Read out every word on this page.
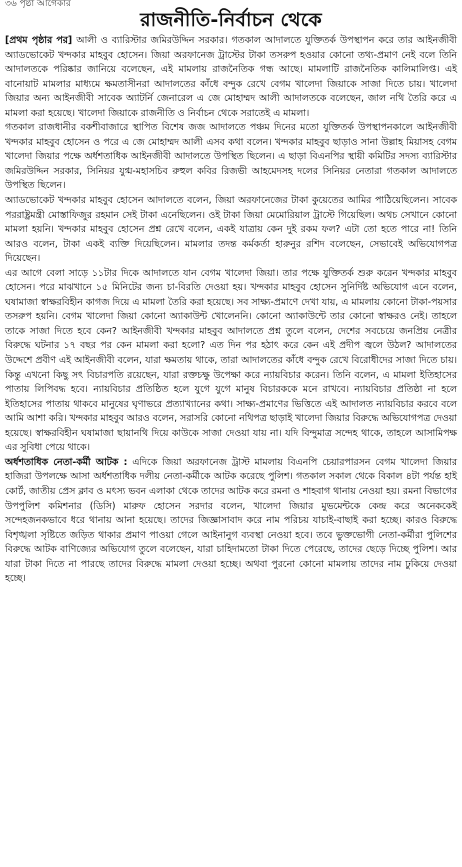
৩৬ পৃষ্ঠা আগেকার
রাজনীতি-নির্বাচন থেকে

[প্রথম পৃষ্ঠার পর] আলী ও ব্যারিস্টার জমিরউদ্দিন সরকার। গতকাল আদালতে যুক্তিতর্ক উপস্থাপন করে তার আইনজীবী অ্যাডভোকেট খন্দকার মাহবুব হোসেন। জিয়া অরফানেজ ট্রাস্টের টাকা তসরুপ হওয়ার কোনো তথ্য-প্রমাণ নেই বলে তিনি আদালতকে পরিষ্কার জানিয়ে বলেছেন, এই মামলায় রাজনৈতিক গন্ধ আছে। মামলাটি রাজনৈতিক কালিমালিপ্ত। এই বানোয়াট মামলার মাধ্যমে ক্ষমতাসীনরা আদালতের কাঁধে বন্দুক রেখে বেগম খালেদা জিয়াকে সাজা দিতে চায়। খালেদা জিয়ার অন্য আইনজীবী সাবেক অ্যাটর্নি জেনারেল এ জে মোহাম্মদ আলী আদালতকে বলেছেন, জাল নথি তৈরি করে এ মামলা করা হয়েছে। খালেদা জিয়াকে রাজনীতি ও নির্বাচন থেকে সরাতেই এ মামলা।

গতকাল রাজধানীর বকশীবাজারে স্থাপিত বিশেষ জজ আদালতে পঞ্চম দিনের মতো যুক্তিতর্ক উপস্থাপনকালে আইনজীবী খন্দকার মাহবুব হোসেন ও পরে এ জে মোহাম্মদ আলী এসব কথা বলেন। খন্দকার মাহবুব ছাড়াও সানা উল্লাহ মিয়াসহ বেগম খালেদা জিয়ার পক্ষে অর্ধশতাধিক আইনজীবী আদালতে উপস্থিত ছিলেন। এ ছাড়া বিএনপির স্থায়ী কমিটির সদস্য ব্যারিস্টার জমিরউদ্দিন সরকার, সিনিয়র যুগ্ম-মহাসচিব রুহুল কবির রিজভী আহমেদসহ দলের সিনিয়র নেতারা গতকাল আদালতে উপস্থিত ছিলেন।

অ্যাডভোকেট খন্দকার মাহবুব হোসেন আদালতে বলেন, জিয়া অরফানেজের টাকা কুয়েতের আমির পাঠিয়েছিলেন। সাবেক পররাষ্ট্রমন্ত্রী মোস্তাফিজুর রহমান সেই টাকা এনেছিলেন। ওই টাকা জিয়া মেমোরিয়াল ট্রাস্টে গিয়েছিল। অথচ সেখানে কোনো মামলা হয়নি। খন্দকার মাহবুব হোসেন প্রশ্ন রেখে বলেন, একই যাত্রায় কেন দুই রকম ফল? এটা তো হতে পারে না! তিনি আরও বলেন, টাকা একই ব্যক্তি দিয়েছিলেন। মামলার তদন্ত কর্মকর্তা হারুনুর রশিদ বলেছেন, সেভাবেই অভিযোগপত্র দিয়েছেন।

এর আগে বেলা সাড়ে ১১টার দিকে আদালতে যান বেগম খালেদা জিয়া। তার পক্ষে যুক্তিতর্ক শুরু করেন খন্দকার মাহবুব হোসেন। পরে মাঝখানে ১৫ মিনিটের জন্য চা-বিরতি দেওয়া হয়। খন্দকার মাহবুব হোসেন সুনির্দিষ্ট অভিযোগ এনে বলেন, ঘষামাজা স্বাক্ষরবিহীন কাগজ দিয়ে এ মামলা তৈরি করা হয়েছে। সব সাক্ষ্য-প্রমাণে দেখা যায়, এ মামলায় কোনো টাকা-পয়সার তসরুপ হয়নি। বেগম খালেদা জিয়া কোনো অ্যাকাউন্ট খোলেননি। কোনো অ্যাকাউন্টে তার কোনো স্বাক্ষরও নেই। তাহলে তাকে সাজা দিতে হবে কেন? আইনজীবী খন্দকার মাহবুব আদালতে প্রশ্ন তুলে বলেন, দেশের সবচেয়ে জনপ্রিয় নেত্রীর বিরুদ্ধে ঘটনার ১৭ বছর পর কেন মামলা করা হলো? এত দিন পর হঠাৎ করে কেন এই প্রদীপ জ্বলে উঠল? আদালতের উদ্দেশে প্রবীণ এই আইনজীবী বলেন, যারা ক্ষমতায় থাকে, তারা আদালতের কাঁধে বন্দুক রেখে বিরোধীদের সাজা দিতে চায়। কিন্তু এখনো কিছু সৎ বিচারপতি রয়েছেন, যারা রক্তচক্ষু উপেক্ষা করে ন্যায়বিচার করেন। তিনি বলেন, এ মামলা ইতিহাসের পাতায় লিপিবদ্ধ হবে। ন্যায়বিচার প্রতিষ্ঠিত হলে যুগে যুগে মানুষ বিচারককে মনে রাখবে। ন্যায়বিচার প্রতিষ্ঠা না হলে ইতিহাসের পাতায় থাকবে মানুষের ঘৃণাভরে প্রত্যাখ্যানের কথা। সাক্ষ্য-প্রমাণের ভিত্তিতে এই আদালত ন্যায়বিচার করবে বলে আমি আশা করি। খন্দকার মাহবুব আরও বলেন, সরাসরি কোনো নথিপত্র ছাড়াই খালেদা জিয়ার বিরুদ্ধে অভিযোগপত্র দেওয়া হয়েছে। স্বাক্ষরবিহীন ঘষামাজা ছায়ানথি দিয়ে কাউকে সাজা দেওয়া যায় না। যদি বিন্দুমাত্র সন্দেহ থাকে, তাহলে আসামিপক্ষ এর সুবিধা পেয়ে থাকে।

অর্ধশতাধিক নেতা-কর্মী আটক : এদিকে জিয়া অরফানেজ ট্রাস্ট মামলায় বিএনপি চেয়ারপারসন বেগম খালেদা জিয়ার হাজিরা উপলক্ষে আসা অর্ধশতাধিক দলীয় নেতা-কর্মীকে আটক করেছে পুলিশ। গতকাল সকাল থেকে বিকাল ৪টা পর্যন্ত হাই কোর্ট, জাতীয় প্রেস ক্লাব ও মৎস্য ভবন এলাকা থেকে তাদের আটক করে রমনা ও শাহবাগ থানায় নেওয়া হয়। রমনা বিভাগের উপপুলিশ কমিশনার (ডিসি) মারুফ হোসেন সরদার বলেন, খালেদা জিয়ার মুভমেন্টকে কেন্দ্র করে অনেককেই সন্দেহজনকভাবে ধরে থানায় আনা হয়েছে। তাদের জিজ্ঞাসাবাদ করে নাম পরিচয় যাচাই-বাছাই করা হচ্ছে। কারও বিরুদ্ধে বিশৃঙ্খলা সৃষ্টিতে জড়িত থাকার প্রমাণ পাওয়া গেলে আইনানুগ ব্যবস্থা নেওয়া হবে। তবে ভুক্তভোগী নেতা-কর্মীরা পুলিশের বিরুদ্ধে আটক বাণিজ্যের অভিযোগ তুলে বলেছেন, যারা চাহিদামতো টাকা দিতে পেরেছে, তাদের ছেড়ে দিচ্ছে পুলিশ। আর যারা টাকা দিতে না পারছে তাদের বিরুদ্ধে মামলা দেওয়া হচ্ছে। অথবা পুরনো কোনো মামলায় তাদের নাম ঢুকিয়ে দেওয়া হচ্ছে।
